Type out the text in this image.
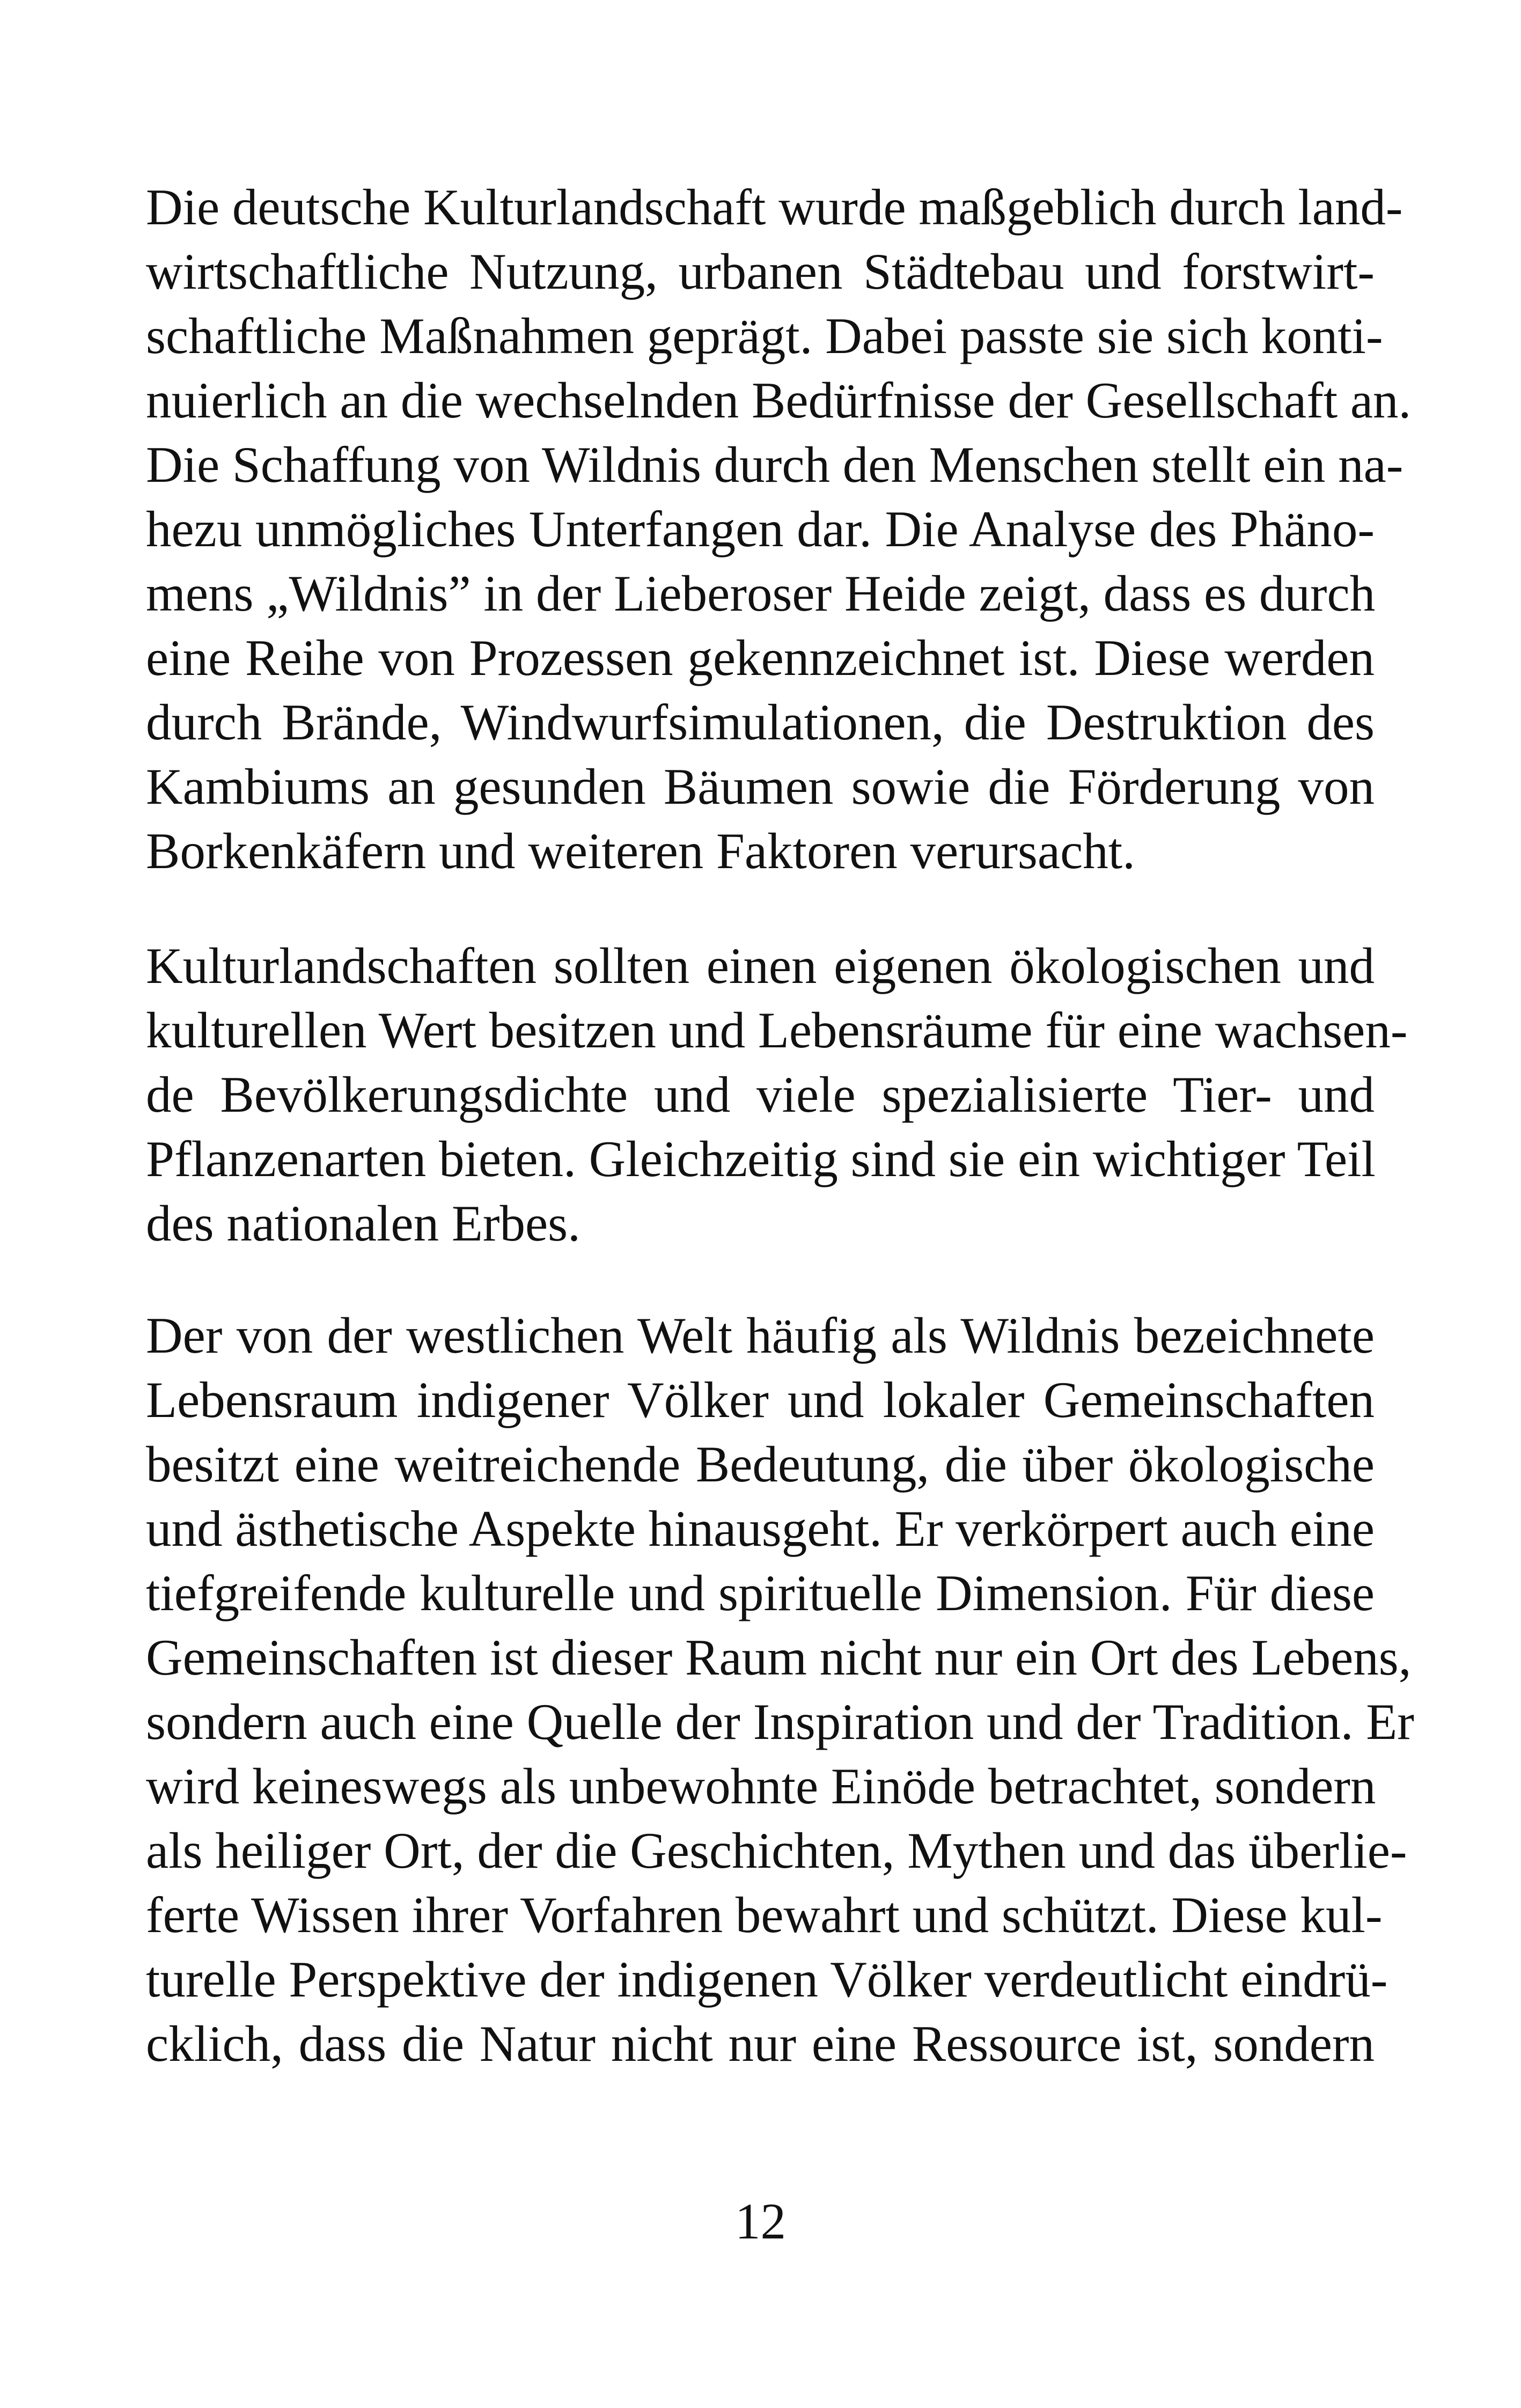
Die deutsche Kulturlandschaft wurde maßgeblich durch land-
wirtschaftliche Nutzung, urbanen Städtebau und forstwirt-
schaftliche Maßnahmen geprägt. Dabei passte sie sich konti-
nuierlich an die wechselnden Bedürfnisse der Gesellschaft an.
Die Schaffung von Wildnis durch den Menschen stellt ein na-
hezu unmögliches Unterfangen dar. Die Analyse des Phäno-
mens „Wildnis” in der Lieberoser Heide zeigt, dass es durch
eine Reihe von Prozessen gekennzeichnet ist. Diese werden
durch Brände, Windwurfsimulationen, die Destruktion des
Kambiums an gesunden Bäumen sowie die Förderung von
Borkenkäfern und weiteren Faktoren verursacht.
Kulturlandschaften sollten einen eigenen ökologischen und
kulturellen Wert besitzen und Lebensräume für eine wachsen-
de Bevölkerungsdichte und viele spezialisierte Tier- und
Pflanzenarten bieten. Gleichzeitig sind sie ein wichtiger Teil
des nationalen Erbes.
Der von der westlichen Welt häufig als Wildnis bezeichnete
Lebensraum indigener Völker und lokaler Gemeinschaften
besitzt eine weitreichende Bedeutung, die über ökologische
und ästhetische Aspekte hinausgeht. Er verkörpert auch eine
tiefgreifende kulturelle und spirituelle Dimension. Für diese
Gemeinschaften ist dieser Raum nicht nur ein Ort des Lebens,
sondern auch eine Quelle der Inspiration und der Tradition. Er
wird keineswegs als unbewohnte Einöde betrachtet, sondern
als heiliger Ort, der die Geschichten, Mythen und das überlie-
ferte Wissen ihrer Vorfahren bewahrt und schützt. Diese kul-
turelle Perspektive der indigenen Völker verdeutlicht eindrü-
cklich, dass die Natur nicht nur eine Ressource ist, sondern
12
